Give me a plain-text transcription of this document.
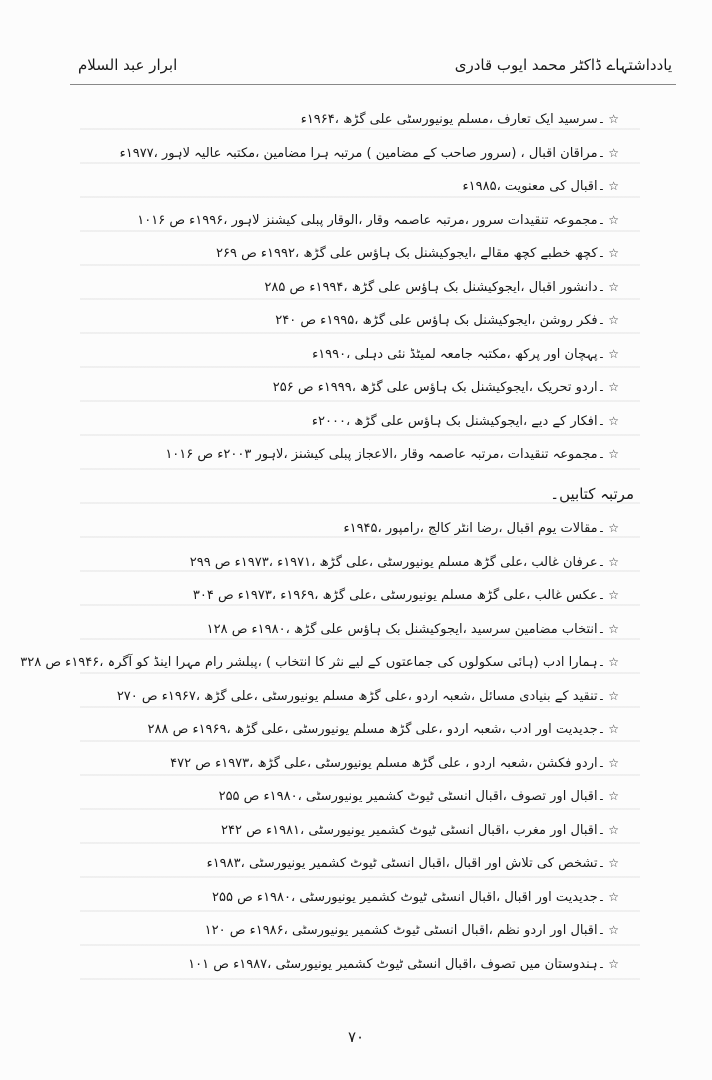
یادداشتہاے ڈاکٹر محمد ایوب قادری
ابرار عبد السلام
☆۔سرسید ایک تعارف ،مسلم یونیورسٹی علی گڑھ ،۱۹۶۴ء
☆۔مراقان اقبال ، (سرور صاحب کے مضامین ) مرتبہ ہرا مضامین ،مکتبہ عالیہ لاہور ،۱۹۷۷ء
☆۔اقبال کی معنویت ،۱۹۸۵ء
☆۔مجموعہ تنقیدات سرور ،مرتبہ عاصمہ وقار ،الوقار پبلی کیشنز لاہور ،۱۹۹۶ء ص ۱۰۱۶
☆۔کچھ خطبے کچھ مقالے ،ایجوکیشنل بک ہاؤس علی گڑھ ،۱۹۹۲ء ص ۲۶۹
☆۔دانشور اقبال ،ایجوکیشنل بک ہاؤس علی گڑھ ،۱۹۹۴ء ص ۲۸۵
☆۔فکر روشن ،ایجوکیشنل بک ہاؤس علی گڑھ ،۱۹۹۵ء ص ۲۴۰
☆۔پہچان اور پرکھ ،مکتبہ جامعہ لمیٹڈ نئی دہلی ،۱۹۹۰ء
☆۔اردو تحریک ،ایجوکیشنل بک ہاؤس علی گڑھ ،۱۹۹۹ء ص ۲۵۶
☆۔افکار کے دیے ،ایجوکیشنل بک ہاؤس علی گڑھ ،۲۰۰۰ء
☆۔مجموعہ تنقیدات ،مرتبہ عاصمہ وقار ،الاعجاز پبلی کیشنز ،لاہور ۲۰۰۳ء ص ۱۰۱۶
مرتبہ کتابیں۔
☆۔مقالات یوم اقبال ،رضا انٹر کالج ،رامپور ،۱۹۴۵ء
☆۔عرفان غالب ،علی گڑھ مسلم یونیورسٹی ،علی گڑھ ،۱۹۷۱ء ،۱۹۷۳ء ص ۲۹۹
☆۔عکس غالب ،علی گڑھ مسلم یونیورسٹی ،علی گڑھ ،۱۹۶۹ء ،۱۹۷۳ء ص ۳۰۴
☆۔انتخاب مضامین سرسید ،ایجوکیشنل بک ہاؤس علی گڑھ ،۱۹۸۰ء ص ۱۲۸
☆۔ہمارا ادب (ہائی سکولوں کی جماعتوں کے لیے نثر کا انتخاب ) ،پبلشر رام مہرا اینڈ کو آگرہ ،۱۹۴۶ء ص ۳۲۸
☆۔تنقید کے بنیادی مسائل ،شعبہ اردو ،علی گڑھ مسلم یونیورسٹی ،علی گڑھ ،۱۹۶۷ء ص ۲۷۰
☆۔جدیدیت اور ادب ،شعبہ اردو ،علی گڑھ مسلم یونیورسٹی ،علی گڑھ ،۱۹۶۹ء ص ۲۸۸
☆۔اردو فکشن ،شعبہ اردو ، علی گڑھ مسلم یونیورسٹی ،علی گڑھ ،۱۹۷۳ء ص ۴۷۲
☆۔اقبال اور تصوف ،اقبال انسٹی ٹیوٹ کشمیر یونیورسٹی ،۱۹۸۰ء ص ۲۵۵
☆۔اقبال اور مغرب ،اقبال انسٹی ٹیوٹ کشمیر یونیورسٹی ،۱۹۸۱ء ص ۲۴۲
☆۔تشخص کی تلاش اور اقبال ،اقبال انسٹی ٹیوٹ کشمیر یونیورسٹی ،۱۹۸۳ء
☆۔جدیدیت اور اقبال ،اقبال انسٹی ٹیوٹ کشمیر یونیورسٹی ،۱۹۸۰ء ص ۲۵۵
☆۔اقبال اور اردو نظم ،اقبال انسٹی ٹیوٹ کشمیر یونیورسٹی ،۱۹۸۶ء ص ۱۲۰
☆۔ہندوستان میں تصوف ،اقبال انسٹی ٹیوٹ کشمیر یونیورسٹی ،۱۹۸۷ء ص ۱۰۱
۷۰
